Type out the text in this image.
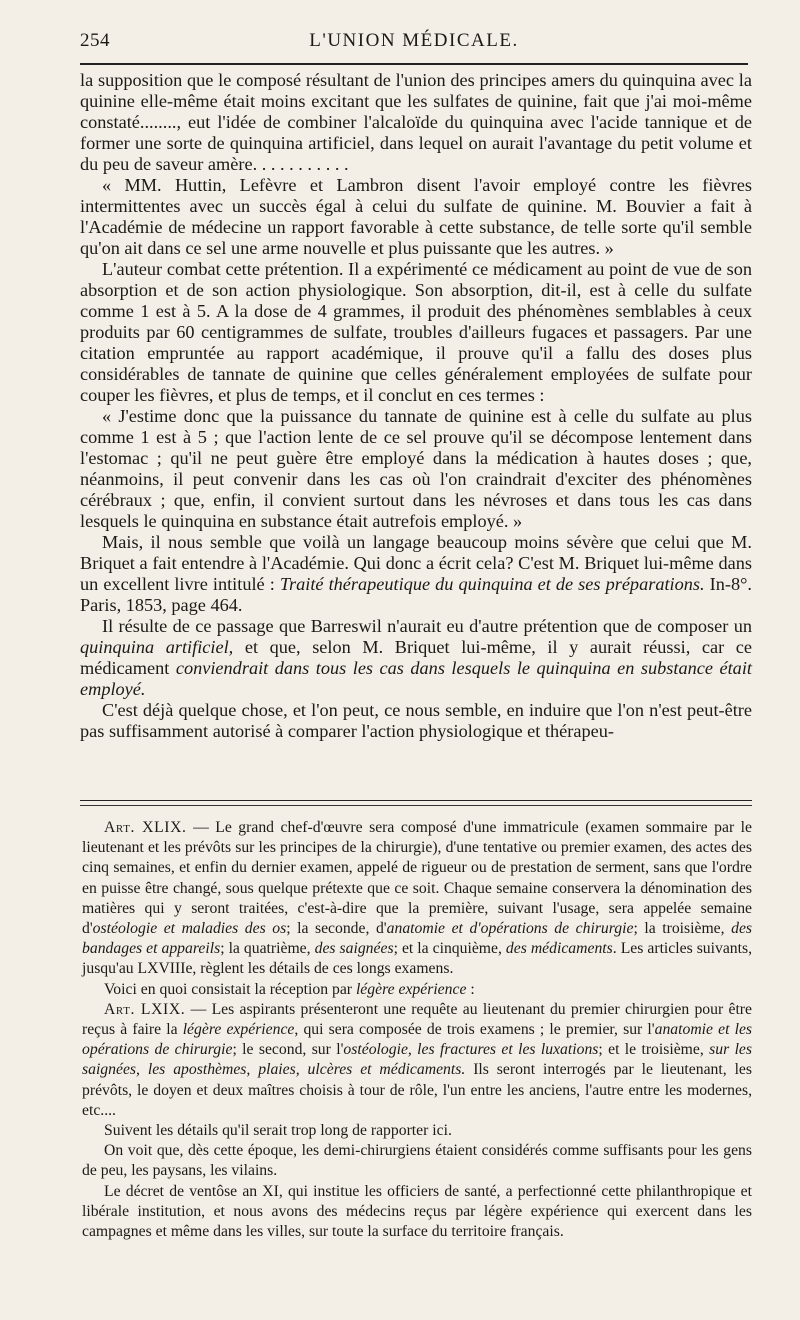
254	L'UNION MÉDICALE.

la supposition que le composé résultant de l'union des principes amers du quinquina avec la quinine elle-même était moins excitant que les sulfates de quinine, fait que j'ai moi-même constaté........, eut l'idée de combiner l'alcaloïde du quinquina avec l'acide tannique et de former une sorte de quinquina artificiel, dans lequel on aurait l'avantage du petit volume et du peu de saveur amère. . . . . . . . . . .

« MM. Huttin, Lefèvre et Lambron disent l'avoir employé contre les fièvres intermittentes avec un succès égal à celui du sulfate de quinine. M. Bouvier a fait à l'Académie de médecine un rapport favorable à cette substance, de telle sorte qu'il semble qu'on ait dans ce sel une arme nouvelle et plus puissante que les autres. »

L'auteur combat cette prétention. Il a expérimenté ce médicament au point de vue de son absorption et de son action physiologique. Son absorption, dit-il, est à celle du sulfate comme 1 est à 5. A la dose de 4 grammes, il produit des phénomènes semblables à ceux produits par 60 centigrammes de sulfate, troubles d'ailleurs fugaces et passagers. Par une citation empruntée au rapport académique, il prouve qu'il a fallu des doses plus considérables de tannate de quinine que celles généralement employées de sulfate pour couper les fièvres, et plus de temps, et il conclut en ces termes :

« J'estime donc que la puissance du tannate de quinine est à celle du sulfate au plus comme 1 est à 5 ; que l'action lente de ce sel prouve qu'il se décompose lentement dans l'estomac ; qu'il ne peut guère être employé dans la médication à hautes doses ; que, néanmoins, il peut convenir dans les cas où l'on craindrait d'exciter des phénomènes cérébraux ; que, enfin, il convient surtout dans les névroses et dans tous les cas dans lesquels le quinquina en substance était autrefois employé. »

Mais, il nous semble que voilà un langage beaucoup moins sévère que celui que M. Briquet a fait entendre à l'Académie. Qui donc a écrit cela? C'est M. Briquet lui-même dans un excellent livre intitulé : Traité thérapeutique du quinquina et de ses préparations. In-8°. Paris, 1853, page 464.

Il résulte de ce passage que Barreswil n'aurait eu d'autre prétention que de composer un quinquina artificiel, et que, selon M. Briquet lui-même, il y aurait réussi, car ce médicament conviendrait dans tous les cas dans lesquels le quinquina en substance était employé.

C'est déjà quelque chose, et l'on peut, ce nous semble, en induire que l'on n'est peut-être pas suffisamment autorisé à comparer l'action physiologique et thérapeu-

Art. XLIX. — Le grand chef-d'œuvre sera composé d'une immatricule (examen sommaire par le lieutenant et les prévôts sur les principes de la chirurgie), d'une tentative ou premier examen, des actes des cinq semaines, et enfin du dernier examen, appelé de rigueur ou de prestation de serment, sans que l'ordre en puisse être changé, sous quelque prétexte que ce soit. Chaque semaine conservera la dénomination des matières qui y seront traitées, c'est-à-dire que la première, suivant l'usage, sera appelée semaine d'ostéologie et maladies des os; la seconde, d'anatomie et d'opérations de chirurgie; la troisième, des bandages et appareils; la quatrième, des saignées; et la cinquième, des médicaments. Les articles suivants, jusqu'au LXVIIIe, règlent les détails de ces longs examens.

Voici en quoi consistait la réception par légère expérience :

Art. LXIX. — Les aspirants présenteront une requête au lieutenant du premier chirurgien pour être reçus à faire la légère expérience, qui sera composée de trois examens ; le premier, sur l'anatomie et les opérations de chirurgie; le second, sur l'ostéologie, les fractures et les luxations; et le troisième, sur les saignées, les aposthèmes, plaies, ulcères et médicaments. Ils seront interrogés par le lieutenant, les prévôts, le doyen et deux maîtres choisis à tour de rôle, l'un entre les anciens, l'autre entre les modernes, etc....

Suivent les détails qu'il serait trop long de rapporter ici.

On voit que, dès cette époque, les demi-chirurgiens étaient considérés comme suffisants pour les gens de peu, les paysans, les vilains.

Le décret de ventôse an XI, qui institue les officiers de santé, a perfectionné cette philanthropique et libérale institution, et nous avons des médecins reçus par légère expérience qui exercent dans les campagnes et même dans les villes, sur toute la surface du territoire français.
